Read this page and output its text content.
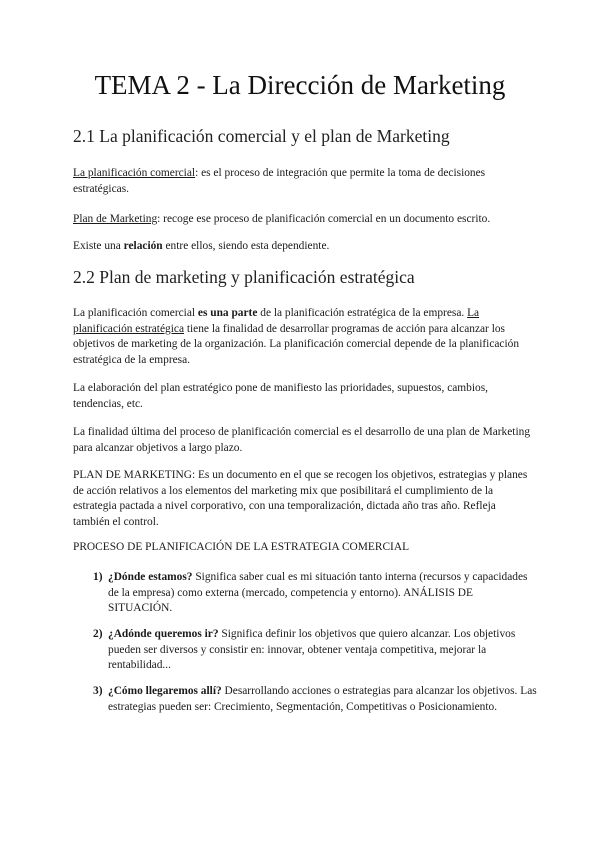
TEMA 2 - La Dirección de Marketing
2.1 La planificación comercial y el plan de Marketing
La planificación comercial: es el proceso de integración que permite la toma de decisiones estratégicas.
Plan de Marketing: recoge ese proceso de planificación comercial en un documento escrito.
Existe una relación entre ellos, siendo esta dependiente.
2.2 Plan de marketing y planificación estratégica
La planificación comercial es una parte de la planificación estratégica de la empresa. La planificación estratégica tiene la finalidad de desarrollar programas de acción para alcanzar los objetivos de marketing de la organización. La planificación comercial depende de la planificación estratégica de la empresa.
La elaboración del plan estratégico pone de manifiesto las prioridades, supuestos, cambios, tendencias, etc.
La finalidad última del proceso de planificación comercial es el desarrollo de una plan de Marketing para alcanzar objetivos a largo plazo.
PLAN DE MARKETING: Es un documento en el que se recogen los objetivos, estrategias y planes de acción relativos a los elementos del marketing mix que posibilitará el cumplimiento de la estrategia pactada a nivel corporativo, con una temporalización, dictada año tras año. Refleja también el control.
PROCESO DE PLANIFICACIÓN DE LA ESTRATEGIA COMERCIAL
1) ¿Dónde estamos? Significa saber cual es mi situación tanto interna (recursos y capacidades de la empresa) como externa (mercado, competencia y entorno). ANÁLISIS DE SITUACIÓN.
2) ¿Adónde queremos ir? Significa definir los objetivos que quiero alcanzar. Los objetivos pueden ser diversos y consistir en: innovar, obtener ventaja competitiva, mejorar la rentabilidad...
3) ¿Cómo llegaremos allí? Desarrollando acciones o estrategias para alcanzar los objetivos. Las estrategias pueden ser: Crecimiento, Segmentación, Competitivas o Posicionamiento.
